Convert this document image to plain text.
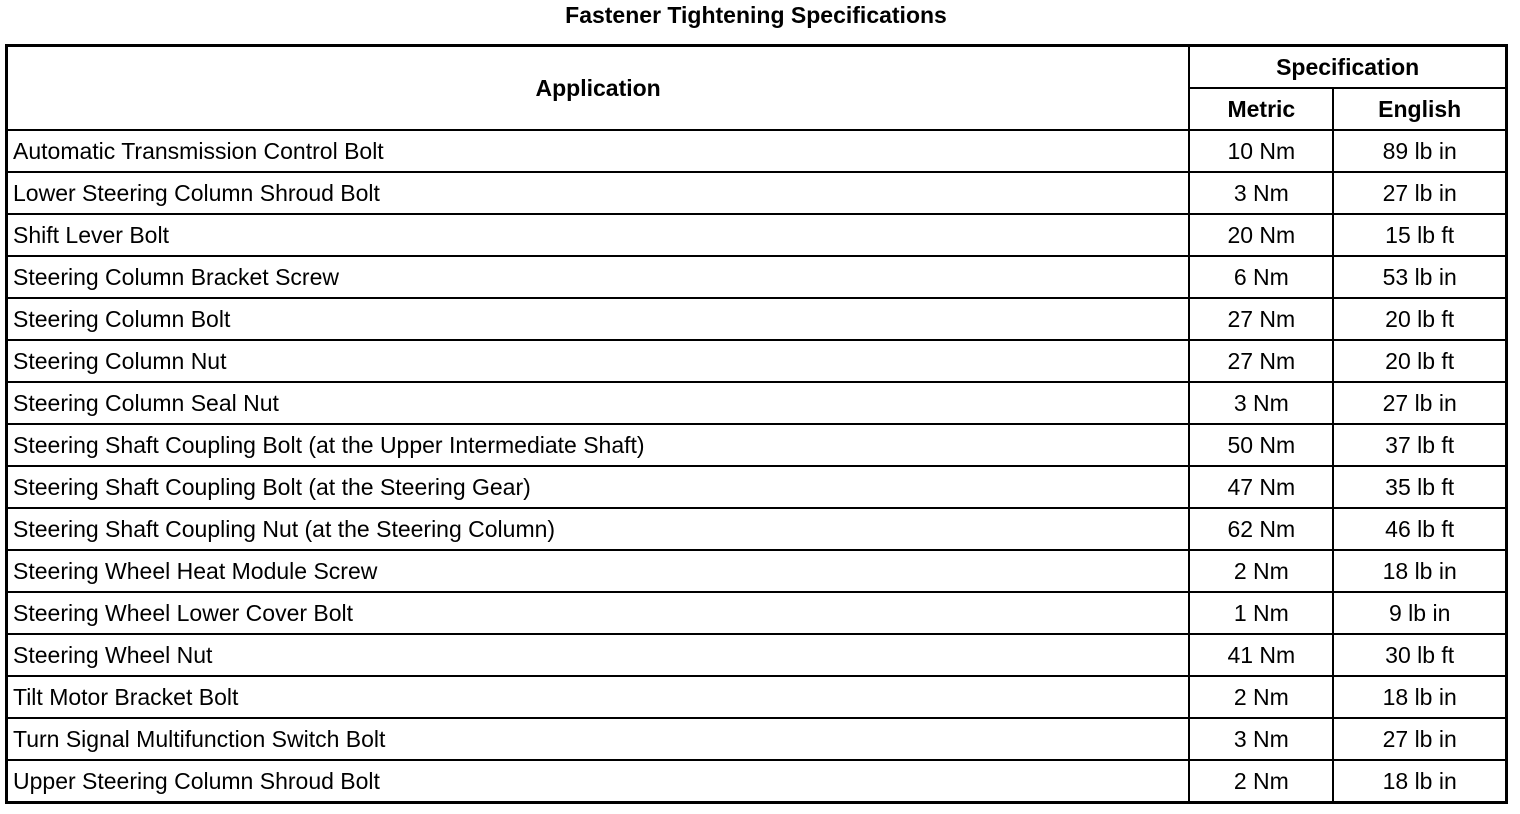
Fastener Tightening Specifications
Application	Specification	
	Metric	English
Automatic Transmission Control Bolt	10 Nm	89 lb in
Lower Steering Column Shroud Bolt	3 Nm	27 lb in
Shift Lever Bolt	20 Nm	15 lb ft
Steering Column Bracket Screw	6 Nm	53 lb in
Steering Column Bolt	27 Nm	20 lb ft
Steering Column Nut	27 Nm	20 lb ft
Steering Column Seal Nut	3 Nm	27 lb in
Steering Shaft Coupling Bolt (at the Upper Intermediate Shaft)	50 Nm	37 lb ft
Steering Shaft Coupling Bolt (at the Steering Gear)	47 Nm	35 lb ft
Steering Shaft Coupling Nut (at the Steering Column)	62 Nm	46 lb ft
Steering Wheel Heat Module Screw	2 Nm	18 lb in
Steering Wheel Lower Cover Bolt	1 Nm	9 lb in
Steering Wheel Nut	41 Nm	30 lb ft
Tilt Motor Bracket Bolt	2 Nm	18 lb in
Turn Signal Multifunction Switch Bolt	3 Nm	27 lb in
Upper Steering Column Shroud Bolt	2 Nm	18 lb in
